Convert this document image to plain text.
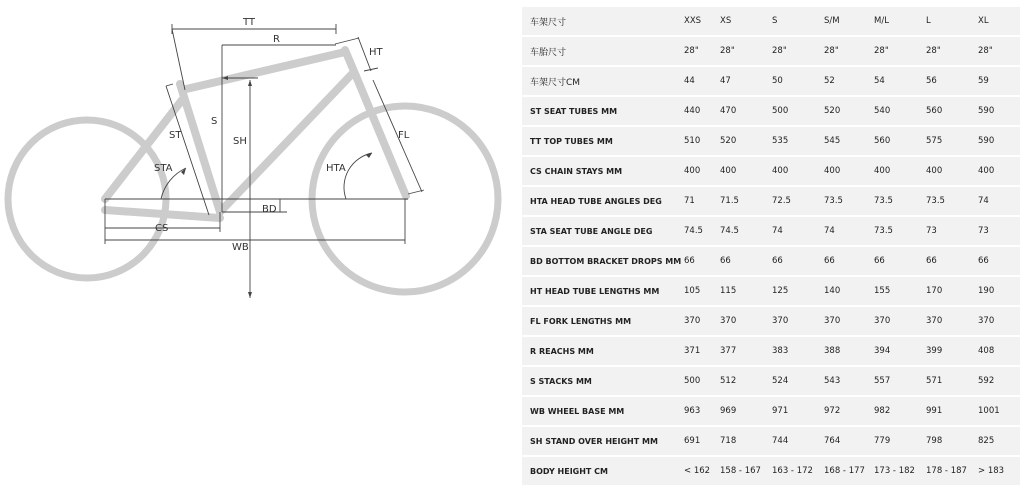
TT
R
HT
ST
S
SH
STA	HTA
FL
BD
CS
WB
车架尺寸	XXS	XS	S	S/M	M/L	L	XL
车胎尺寸	28"	28"	28"	28"	28"	28"	28"
车架尺寸CM	44	47	50	52	54	56	59
ST SEAT TUBES MM	440	470	500	520	540	560	590
TT TOP TUBES MM	510	520	535	545	560	575	590
CS CHAIN STAYS MM	400	400	400	400	400	400	400
HTA HEAD TUBE ANGLES DEG	71	71.5	72.5	73.5	73.5	73.5	74
STA SEAT TUBE ANGLE DEG	74.5	74.5	74	74	73.5	73	73
BD BOTTOM BRACKET DROPS MM	66	66	66	66	66	66	66
HT HEAD TUBE LENGTHS MM	105	115	125	140	155	170	190
FL FORK LENGTHS MM	370	370	370	370	370	370	370
R REACHS MM	371	377	383	388	394	399	408
S STACKS MM	500	512	524	543	557	571	592
WB WHEEL BASE MM	963	969	971	972	982	991	1001
SH STAND OVER HEIGHT MM	691	718	744	764	779	798	825
BODY HEIGHT CM	< 162	158 - 167	163 - 172	168 - 177	173 - 182	178 - 187	> 183
